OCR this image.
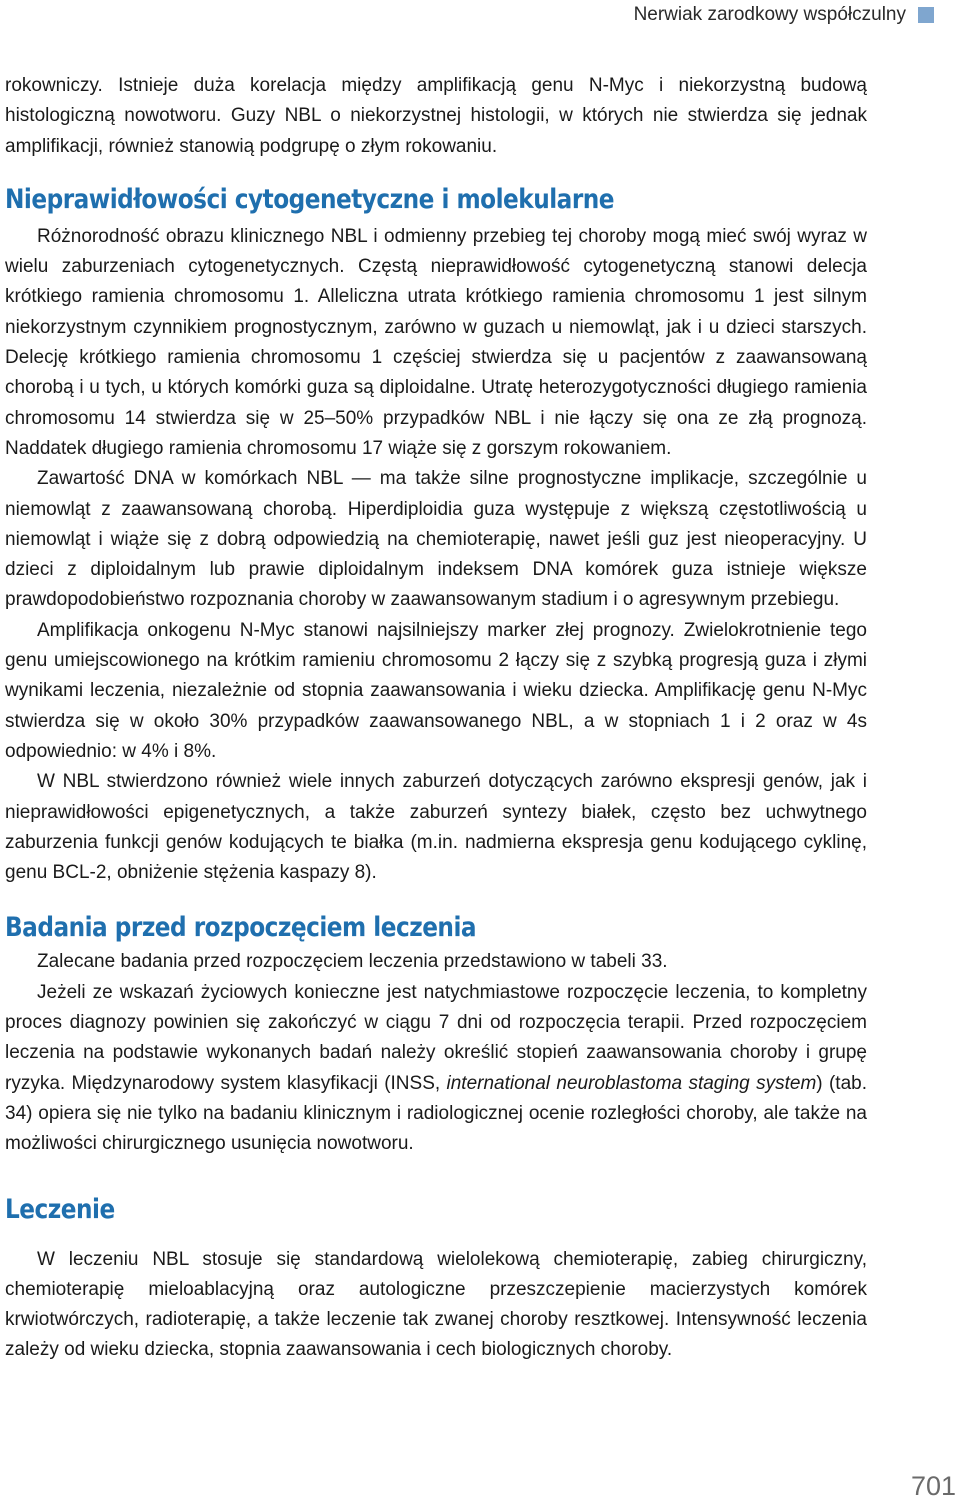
Nerwiak zarodkowy współczulny

rokowniczy. Istnieje duża korelacja między amplifikacją genu N-Myc i niekorzystną budową histologiczną nowotworu. Guzy NBL o niekorzystnej histologii, w których nie stwierdza się jednak amplifikacji, również stanowią podgrupę o złym rokowaniu.

Nieprawidłowości cytogenetyczne i molekularne

Różnorodność obrazu klinicznego NBL i odmienny przebieg tej choroby mogą mieć swój wyraz w wielu zaburzeniach cytogenetycznych. Częstą nieprawidłowość cytogenetyczną stanowi delecja krótkiego ramienia chromosomu 1. Alleliczna utrata krótkiego ramienia chromosomu 1 jest silnym niekorzystnym czynnikiem prognostycznym, zarówno w guzach u niemowląt, jak i u dzieci starszych. Delecję krótkiego ramienia chromosomu 1 częściej stwierdza się u pacjentów z zaawansowaną chorobą i u tych, u których komórki guza są diploidalne. Utratę heterozygotyczności długiego ramienia chromosomu 14 stwierdza się w 25–50% przypadków NBL i nie łączy się ona ze złą prognozą. Naddatek długiego ramienia chromosomu 17 wiąże się z gorszym rokowaniem.

Zawartość DNA w komórkach NBL — ma także silne prognostyczne implikacje, szczególnie u niemowląt z zaawansowaną chorobą. Hiperdiploidia guza występuje z większą częstotliwością u niemowląt i wiąże się z dobrą odpowiedzią na chemioterapię, nawet jeśli guz jest nieoperacyjny. U dzieci z diploidalnym lub prawie diploidalnym indeksem DNA komórek guza istnieje większe prawdopodobieństwo rozpoznania choroby w zaawansowanym stadium i o agresywnym przebiegu.

Amplifikacja onkogenu N-Myc stanowi najsilniejszy marker złej prognozy. Zwielokrotnienie tego genu umiejscowionego na krótkim ramieniu chromosomu 2 łączy się z szybką progresją guza i złymi wynikami leczenia, niezależnie od stopnia zaawansowania i wieku dziecka. Amplifikację genu N-Myc stwierdza się w około 30% przypadków zaawansowanego NBL, a w stopniach 1 i 2 oraz w 4s odpowiednio: w 4% i 8%.

W NBL stwierdzono również wiele innych zaburzeń dotyczących zarówno ekspresji genów, jak i nieprawidłowości epigenetycznych, a także zaburzeń syntezy białek, często bez uchwytnego zaburzenia funkcji genów kodujących te białka (m.in. nadmierna ekspresja genu kodującego cyklinę, genu BCL-2, obniżenie stężenia kaspazy 8).

Badania przed rozpoczęciem leczenia

Zalecane badania przed rozpoczęciem leczenia przedstawiono w tabeli 33.

Jeżeli ze wskazań życiowych konieczne jest natychmiastowe rozpoczęcie leczenia, to kompletny proces diagnozy powinien się zakończyć w ciągu 7 dni od rozpoczęcia terapii. Przed rozpoczęciem leczenia na podstawie wykonanych badań należy określić stopień zaawansowania choroby i grupę ryzyka. Międzynarodowy system klasyfikacji (INSS, international neuroblastoma staging system) (tab. 34) opiera się nie tylko na badaniu klinicznym i radiologicznej ocenie rozległości choroby, ale także na możliwości chirurgicznego usunięcia nowotworu.

Leczenie

W leczeniu NBL stosuje się standardową wielolekową chemioterapię, zabieg chirurgiczny, chemioterapię mieloablacyjną oraz autologiczne przeszczepienie macierzystych komórek krwiotwórczych, radioterapię, a także leczenie tak zwanej choroby resztkowej. Intensywność leczenia zależy od wieku dziecka, stopnia zaawansowania i cech biologicznych choroby.

701
